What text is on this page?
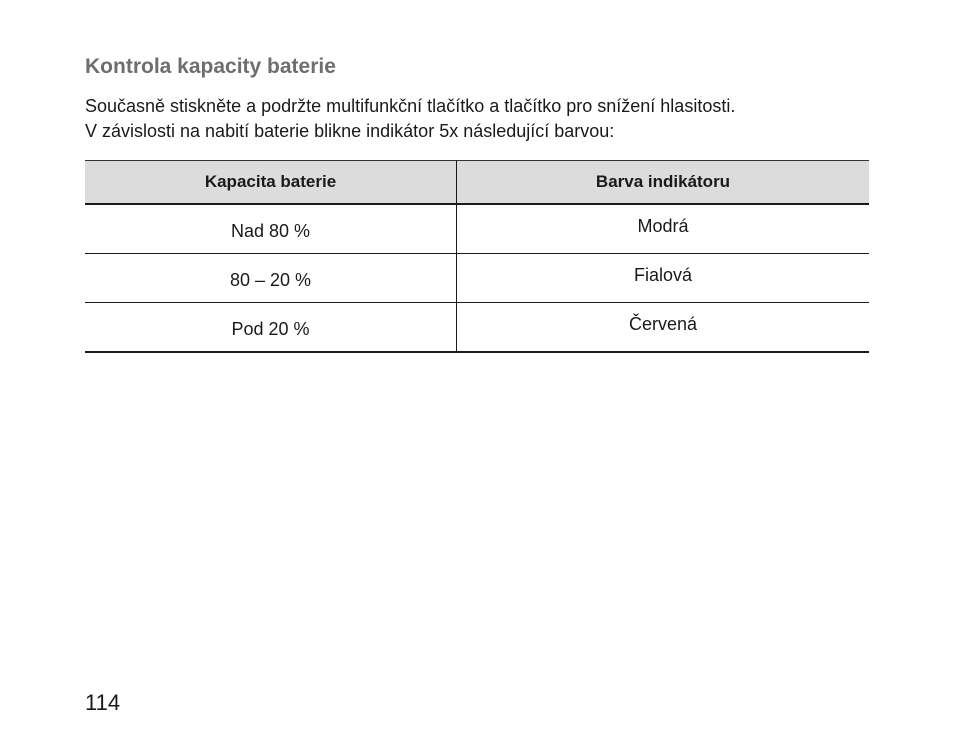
Kontrola kapacity baterie

Současně stiskněte a podržte multifunkční tlačítko a tlačítko pro snížení hlasitosti.

V závislosti na nabití baterie blikne indikátor 5x následující barvou:

Kapacita baterie	Barva indikátoru
Nad 80 %	Modrá
80 – 20 %	Fialová
Pod 20 %	Červená
114
